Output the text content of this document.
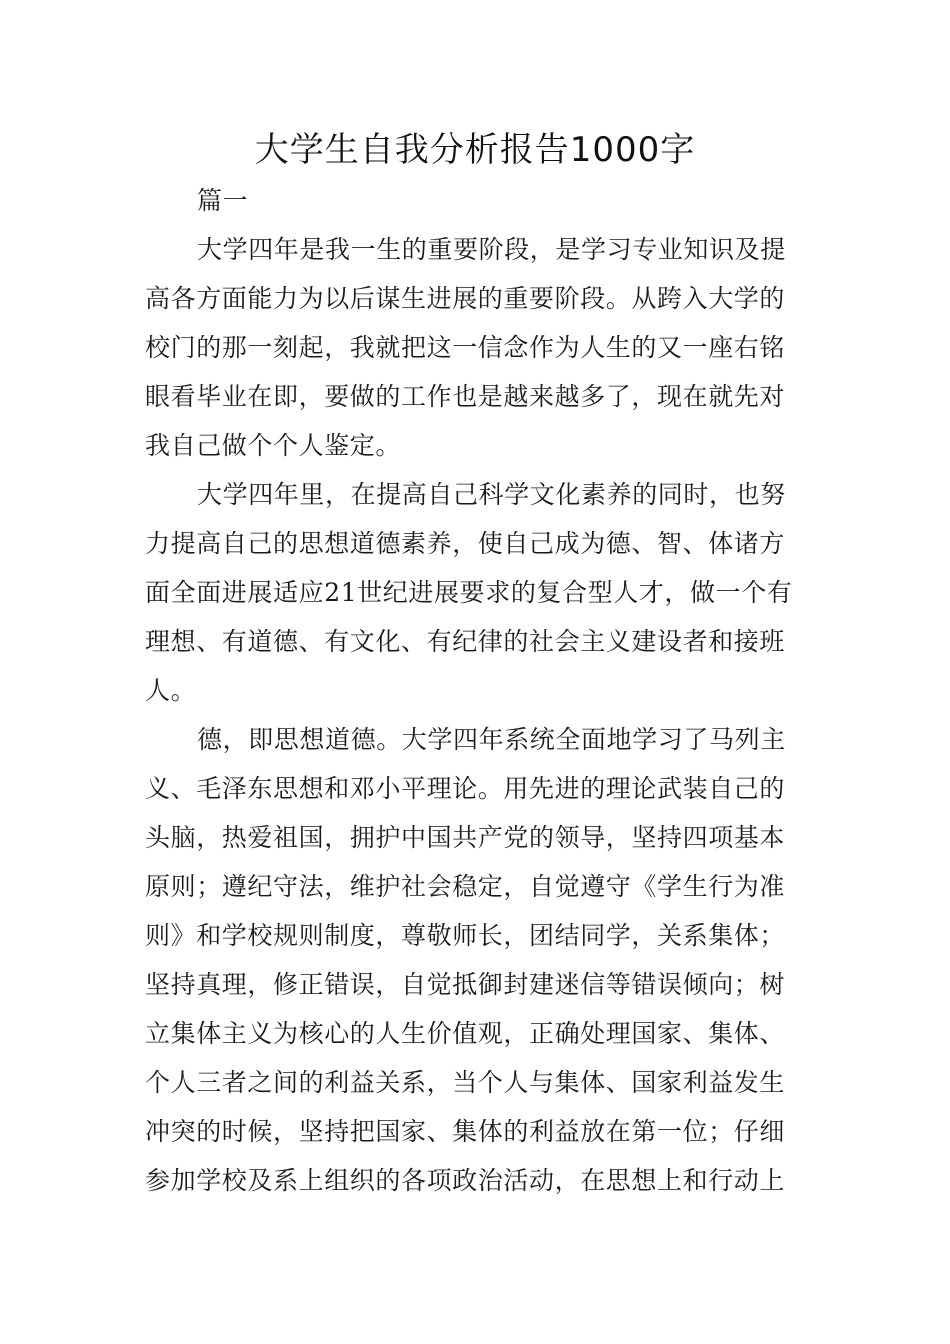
大学生自我分析报告1000字

篇一

大学四年是我一生的重要阶段，是学习专业知识及提
高各方面能力为以后谋生进展的重要阶段。从跨入大学的
校门的那一刻起，我就把这一信念作为人生的又一座右铭
眼看毕业在即，要做的工作也是越来越多了，现在就先对
我自己做个个人鉴定。

大学四年里，在提高自己科学文化素养的同时，也努
力提高自己的思想道德素养，使自己成为德、智、体诸方
面全面进展适应21世纪进展要求的复合型人才，做一个有
理想、有道德、有文化、有纪律的社会主义建设者和接班
人。

德，即思想道德。大学四年系统全面地学习了马列主
义、毛泽东思想和邓小平理论。用先进的理论武装自己的
头脑，热爱祖国，拥护中国共产党的领导，坚持四项基本
原则；遵纪守法，维护社会稳定，自觉遵守《学生行为准
则》和学校规则制度，尊敬师长，团结同学，关系集体；
坚持真理，修正错误，自觉抵御封建迷信等错误倾向；树
立集体主义为核心的人生价值观，正确处理国家、集体、
个人三者之间的利益关系，当个人与集体、国家利益发生
冲突的时候，坚持把国家、集体的利益放在第一位；仔细
参加学校及系上组织的各项政治活动，在思想上和行动上
